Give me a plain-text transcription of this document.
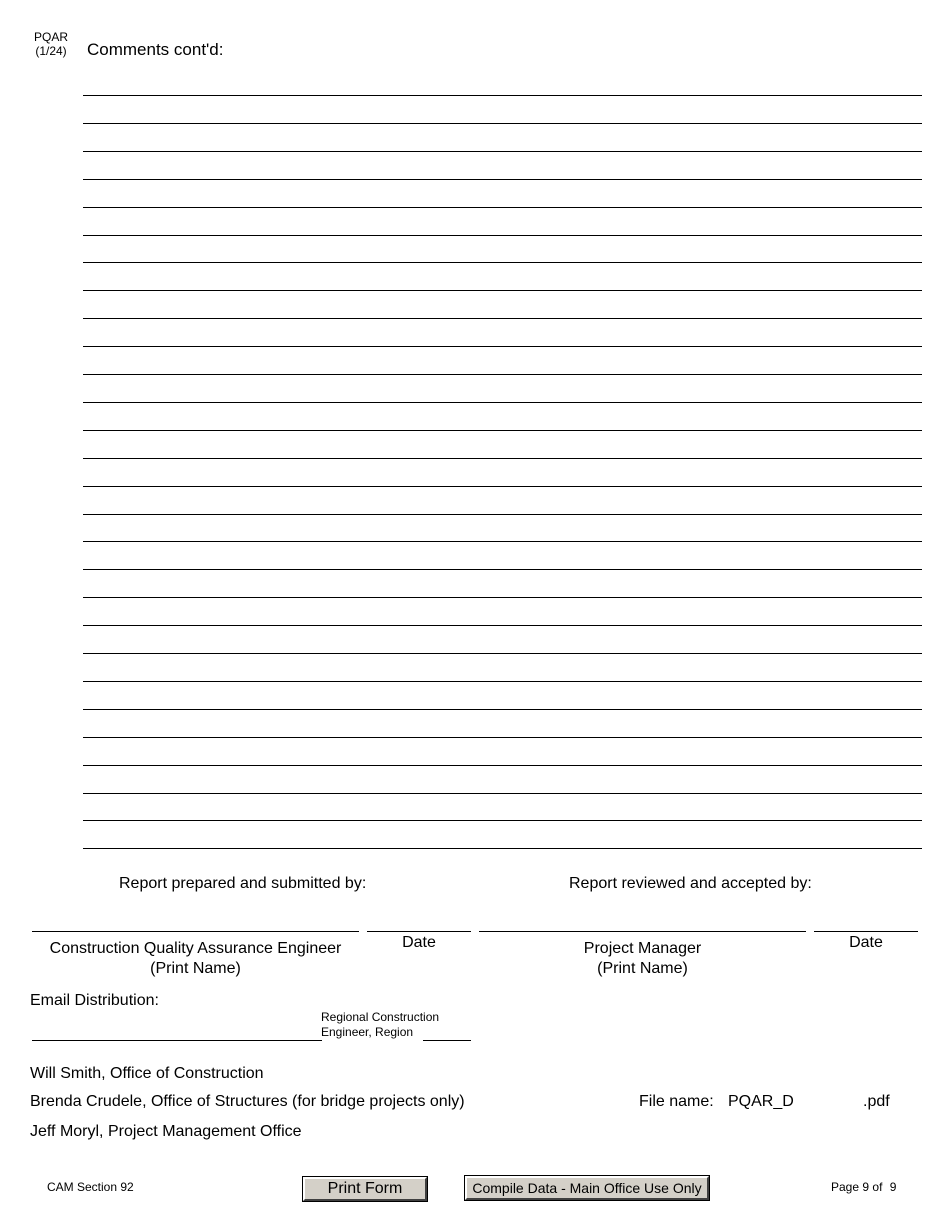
PQAR
(1/24) Comments cont'd:
Report prepared and submitted by:	Report reviewed and accepted by:
Construction Quality Assurance Engineer
(Print Name)
Date	Project Manager
(Print Name)
Date
Email Distribution:
Regional Construction
Engineer, Region
Will Smith, Office of Construction
Brenda Crudele, Office of Structures (for bridge projects only)
Jeff Moryl, Project Management Office
File name: PQAR_D	.pdf
CAM Section 92	Print Form	Compile Data - Main Office Use Only	Page 9 of 9
